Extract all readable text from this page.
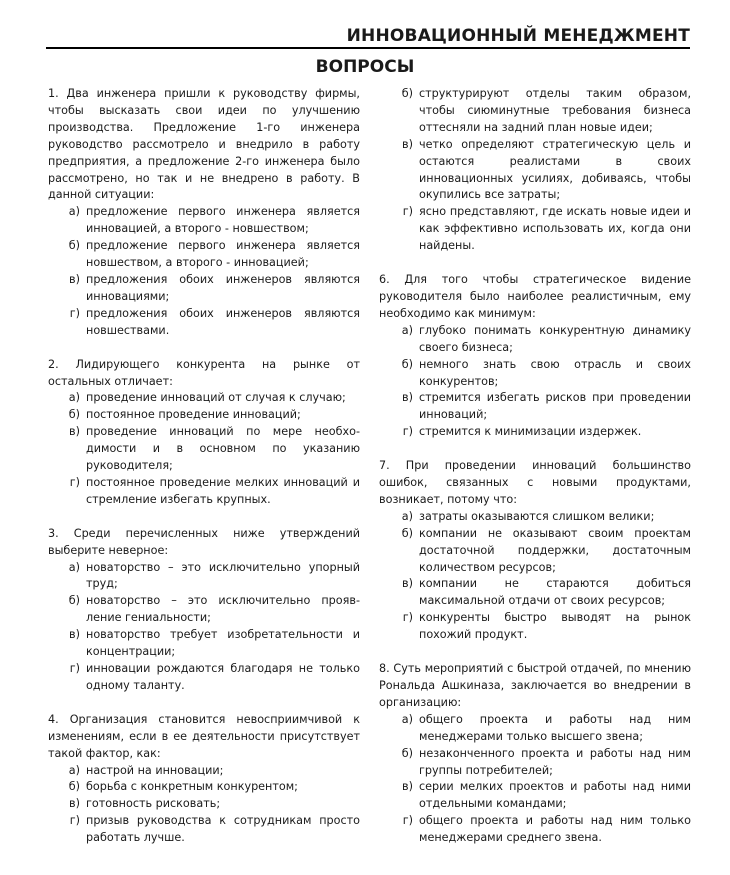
ИННОВАЦИОННЫЙ МЕНЕДЖМЕНТ
ВОПРОСЫ
1. Два инженера пришли к руководству фирмы, чтобы высказать свои идеи по улучшению производства. Предложение 1-го инженера руководство рассмотрело и внедрило в работу предприятия, а предложение 2-го инженера было рассмотрено, но так и не внедрено в работу. В данной ситуации:
а) предложение первого инженера является инновацией, а второго - новшеством;
б) предложение первого инженера является новшеством, а второго - инновацией;
в) предложения обоих инженеров являются инновациями;
г) предложения обоих инженеров являются новшествами.
2. Лидирующего конкурента на рынке от остальных отличает:
а) проведение инноваций от случая к случаю;
б) постоянное проведение инноваций;
в) проведение инноваций по мере необхо-димости и в основном по указанию руководителя;
г) постоянное проведение мелких инноваций и стремление избегать крупных.
3. Среди перечисленных ниже утверждений выберите неверное:
а) новаторство – это исключительно упорный труд;
б) новаторство – это исключительно прояв-ление гениальности;
в) новаторство требует изобретательности и концентрации;
г) инновации рождаются благодаря не только одному таланту.
4. Организация становится невосприимчивой к изменениям, если в ее деятельности присутствует такой фактор, как:
а) настрой на инновации;
б) борьба с конкретным конкурентом;
в) готовность рисковать;
г) призыв руководства к сотрудникам просто работать лучше.
б) структурируют отделы таким образом, чтобы сиюминутные требования бизнеса оттесняли на задний план новые идеи;
в) четко определяют стратегическую цель и остаются реалистами в своих инновационных усилиях, добиваясь, чтобы окупились все затраты;
г) ясно представляют, где искать новые идеи и как эффективно использовать их, когда они найдены.
6. Для того чтобы стратегическое видение руководителя было наиболее реалистичным, ему необходимо как минимум:
а) глубоко понимать конкурентную динамику своего бизнеса;
б) немного знать свою отрасль и своих конкурентов;
в) стремится избегать рисков при проведении инноваций;
г) стремится к минимизации издержек.
7. При проведении инноваций большинство ошибок, связанных с новыми продуктами, возникает, потому что:
а) затраты оказываются слишком велики;
б) компании не оказывают своим проектам достаточной поддержки, достаточным количеством ресурсов;
в) компании не стараются добиться максимальной отдачи от своих ресурсов;
г) конкуренты быстро выводят на рынок похожий продукт.
8. Суть мероприятий с быстрой отдачей, по мнению Рональда Ашкиназа, заключается во внедрении в организацию:
а) общего проекта и работы над ним менеджерами только высшего звена;
б) незаконченного проекта и работы над ним группы потребителей;
в) серии мелких проектов и работы над ними отдельными командами;
г) общего проекта и работы над ним только менеджерами среднего звена.
